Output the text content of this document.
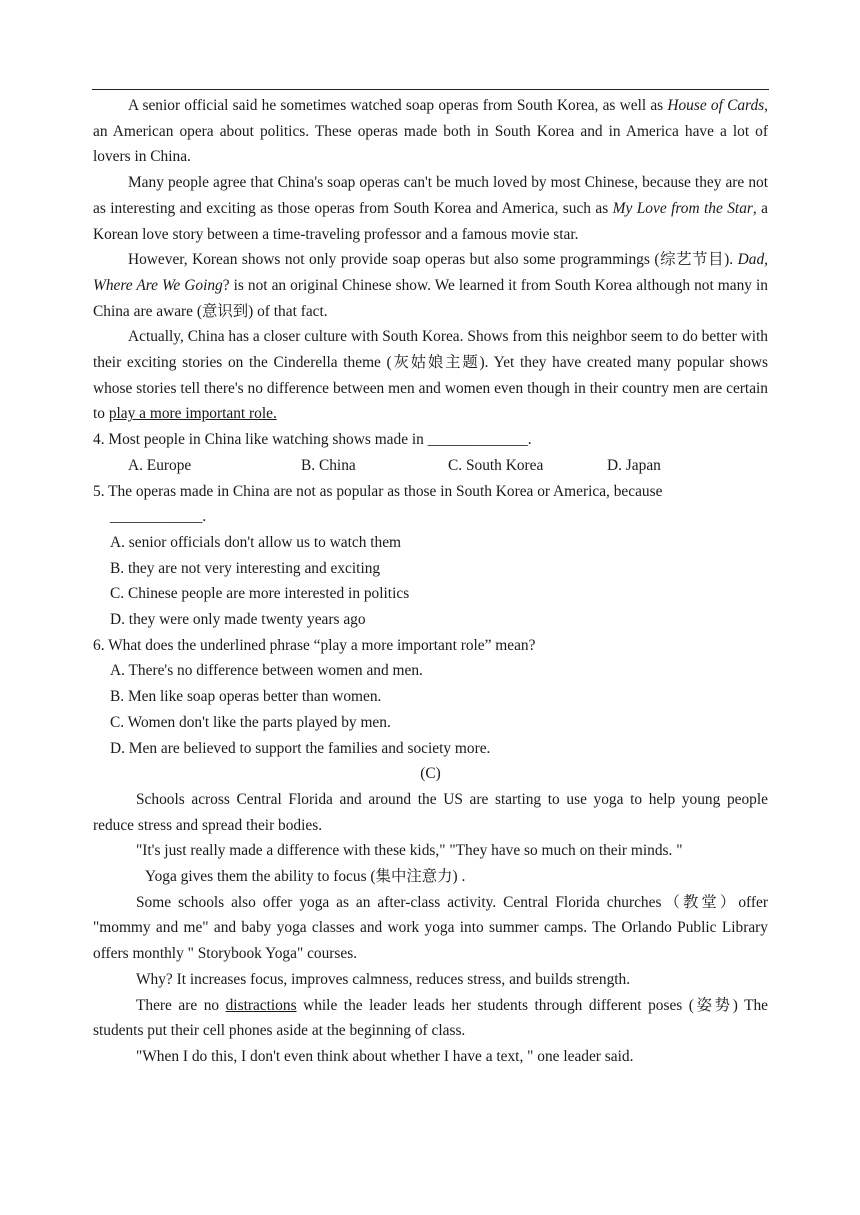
A senior official said he sometimes watched soap operas from South Korea, as well as House of Cards, an American opera about politics. These operas made both in South Korea and in America have a lot of lovers in China.

Many people agree that China's soap operas can't be much loved by most Chinese, because they are not as interesting and exciting as those operas from South Korea and America, such as My Love from the Star, a Korean love story between a time-traveling professor and a famous movie star.

However, Korean shows not only provide soap operas but also some programmings (综艺节目). Dad, Where Are We Going? is not an original Chinese show. We learned it from South Korea although not many in China are aware (意识到) of that fact.

Actually, China has a closer culture with South Korea. Shows from this neighbor seem to do better with their exciting stories on the Cinderella theme (灰姑娘主题). Yet they have created many popular shows whose stories tell there's no difference between men and women even though in their country men are certain to play a more important role.

4. Most people in China like watching shows made in _____________.

A. Europe	B. China	C. South Korea	D. Japan

5. The operas made in China are not as popular as those in South Korea or America, because

____________.

A. senior officials don't allow us to watch them

B. they are not very interesting and exciting

C. Chinese people are more interested in politics

D. they were only made twenty years ago

6. What does the underlined phrase “play a more important role” mean?

A. There's no difference between women and men.

B. Men like soap operas better than women.

C. Women don't like the parts played by men.

D. Men are believed to support the families and society more.

(C)

Schools across Central Florida and around the US are starting to use yoga to help young people reduce stress and spread their bodies.

"It's just really made a difference with these kids," "They have so much on their minds. "

Yoga gives them the ability to focus (集中注意力) .

Some schools also offer yoga as an after-class activity. Central Florida churches（教堂）offer "mommy and me" and baby yoga classes and work yoga into summer camps. The Orlando Public Library offers monthly " Storybook Yoga" courses.

Why? It increases focus, improves calmness, reduces stress, and builds strength.

There are no distractions while the leader leads her students through different poses (姿势) The students put their cell phones aside at the beginning of class.

"When I do this, I don't even think about whether I have a text, " one leader said.
